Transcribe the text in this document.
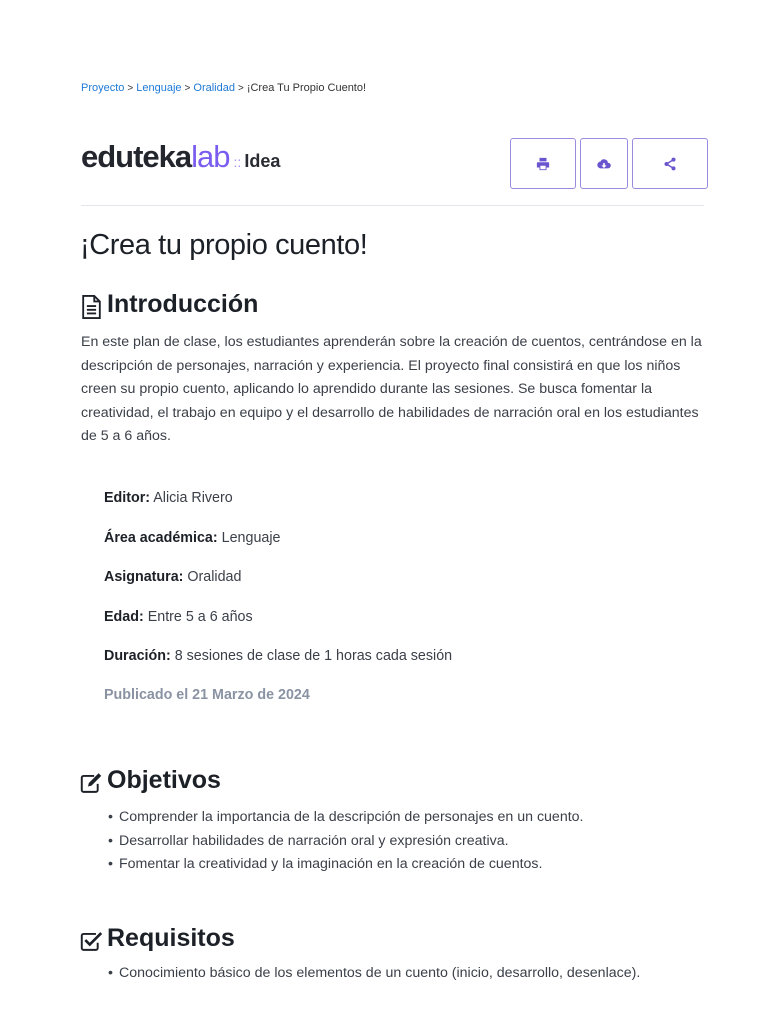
Proyecto > Lenguaje > Oralidad > ¡Crea Tu Propio Cuento!
eduteka lab :: Idea
¡Crea tu propio cuento!
Introducción

En este plan de clase, los estudiantes aprenderán sobre la creación de cuentos, centrándose en la descripción de personajes, narración y experiencia. El proyecto final consistirá en que los niños creen su propio cuento, aplicando lo aprendido durante las sesiones. Se busca fomentar la creatividad, el trabajo en equipo y el desarrollo de habilidades de narración oral en los estudiantes de 5 a 6 años.

Editor: Alicia Rivero
Área académica: Lenguaje
Asignatura: Oralidad
Edad: Entre 5 a 6 años
Duración: 8 sesiones de clase de 1 horas cada sesión
Publicado el 21 Marzo de 2024
Objetivos
• Comprender la importancia de la descripción de personajes en un cuento.
• Desarrollar habilidades de narración oral y expresión creativa.
• Fomentar la creatividad y la imaginación en la creación de cuentos.
Requisitos
• Conocimiento básico de los elementos de un cuento (inicio, desarrollo, desenlace).
